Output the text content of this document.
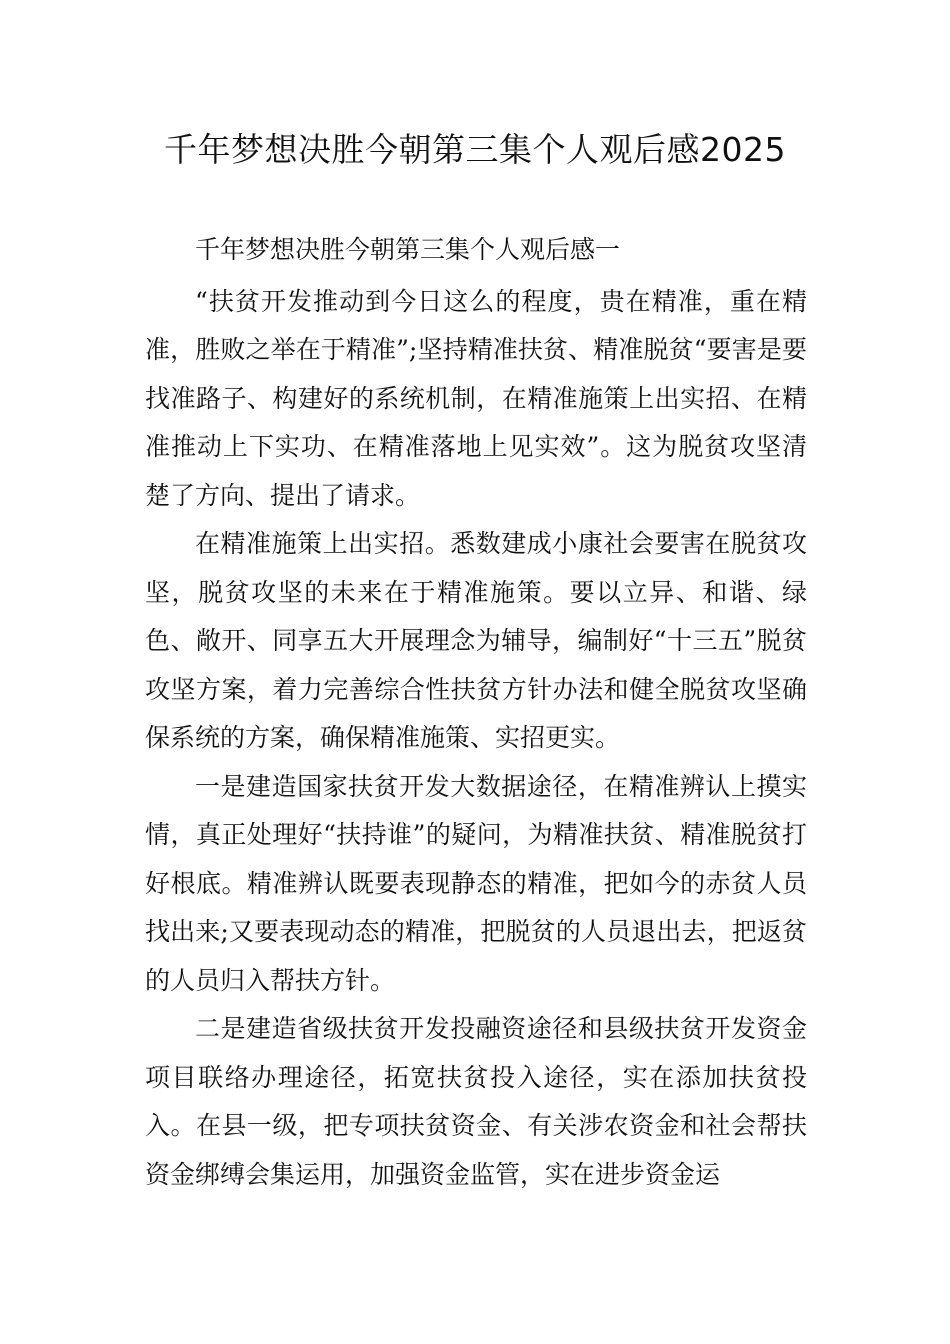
千年梦想决胜今朝第三集个人观后感2025

千年梦想决胜今朝第三集个人观后感一

“扶贫开发推动到今日这么的程度，贵在精准，重在精准，胜败之举在于精准”;坚持精准扶贫、精准脱贫“要害是要找准路子、构建好的系统机制，在精准施策上出实招、在精准推动上下实功、在精准落地上见实效”。这为脱贫攻坚清楚了方向、提出了请求。

在精准施策上出实招。悉数建成小康社会要害在脱贫攻坚，脱贫攻坚的未来在于精准施策。要以立异、和谐、绿色、敞开、同享五大开展理念为辅导，编制好“十三五”脱贫攻坚方案，着力完善综合性扶贫方针办法和健全脱贫攻坚确保系统的方案，确保精准施策、实招更实。

一是建造国家扶贫开发大数据途径，在精准辨认上摸实情，真正处理好“扶持谁”的疑问，为精准扶贫、精准脱贫打好根底。精准辨认既要表现静态的精准，把如今的赤贫人员找出来;又要表现动态的精准，把脱贫的人员退出去，把返贫的人员归入帮扶方针。

二是建造省级扶贫开发投融资途径和县级扶贫开发资金项目联络办理途径，拓宽扶贫投入途径，实在添加扶贫投入。在县一级，把专项扶贫资金、有关涉农资金和社会帮扶资金绑缚会集运用，加强资金监管，实在进步资金运
